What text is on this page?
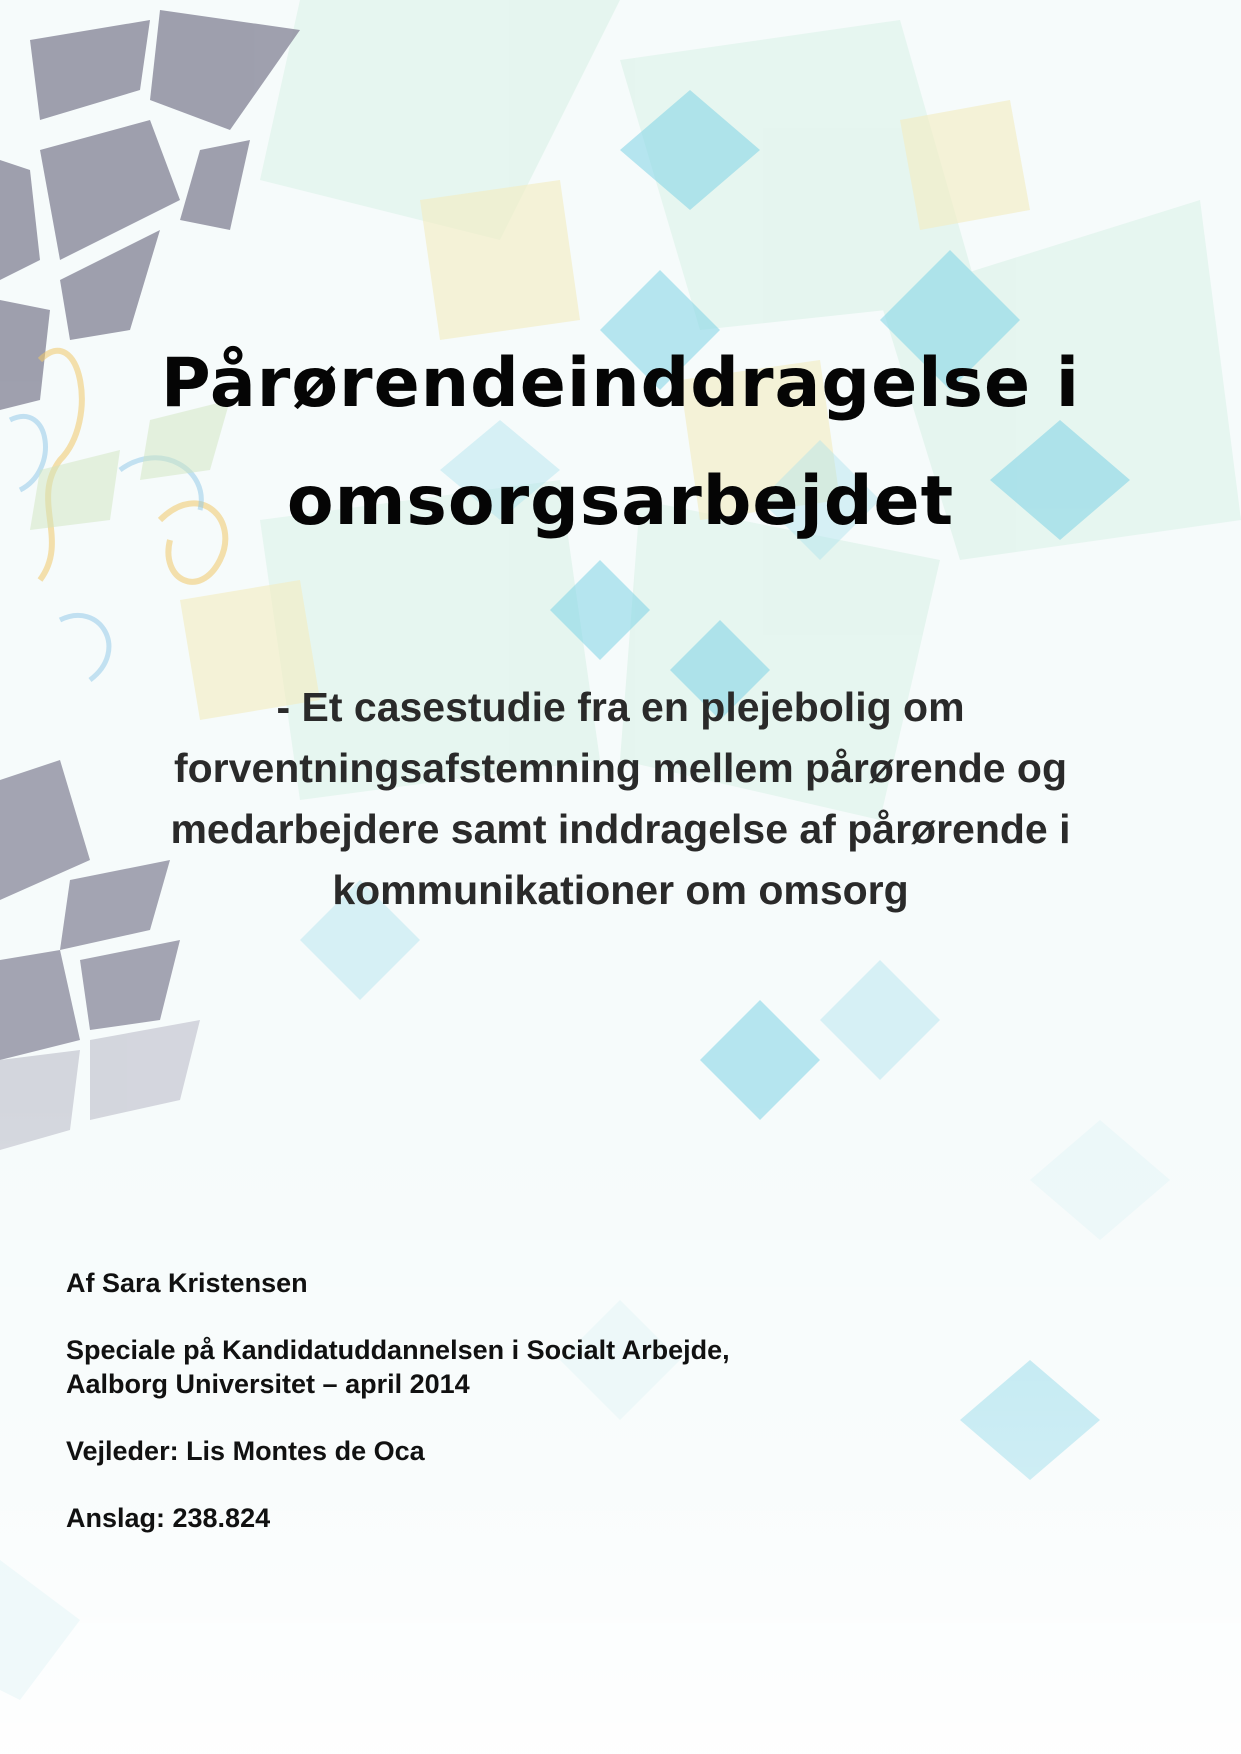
Pårørendeinddragelse i
omsorgsarbejdet
- Et casestudie fra en plejebolig om forventningsafstemning mellem pårørende og medarbejdere samt inddragelse af pårørende i kommunikationer om omsorg
Af Sara Kristensen
Speciale på Kandidatuddannelsen i Socialt Arbejde,
Aalborg Universitet – april 2014
Vejleder: Lis Montes de Oca
Anslag: 238.824
